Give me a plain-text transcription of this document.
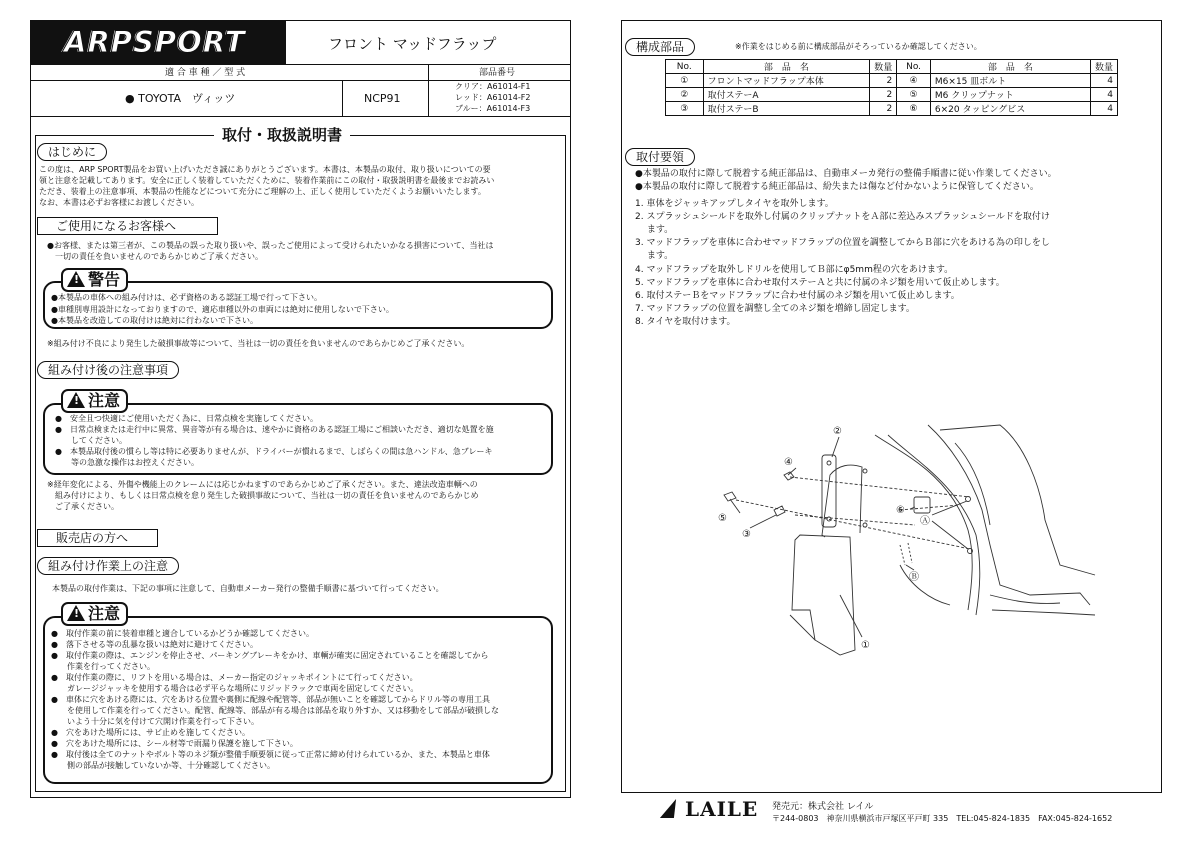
ARPSPORT	フロント マッドフラップ
適 合 車 種 ／ 型 式	部品番号
● TOYOTA　ヴィッツ	NCP91
クリア：A61014-F1
レッド：A61014-F2
ブルー：A61014-F3
取付・取扱説明書
はじめに
この度は、ARP SPORT製品をお買い上げいただき誠にありがとうございます。本書は、本製品の取付、取り扱いについての要
領と注意を記載してあります。安全に正しく装着していただくために、装着作業前にこの取付・取扱説明書を最後までお読みい
ただき、装着上の注意事項、本製品の性能などについて充分にご理解の上、正しく使用していただくようお願いいたします。
なお、本書は必ずお客様にお渡しください。
ご使用になるお客様へ
●お客様、または第三者が、この製品の誤った取り扱いや、誤ったご使用によって受けられたいかなる損害について、当社は
　一切の責任を負いませんのであらかじめご了承ください。
!警告
●本製品の車体への組み付けは、必ず資格のある認証工場で行って下さい。
●車種別専用設計になっておりますので、適応車種以外の車両には絶対に使用しないで下さい。
●本製品を改造しての取付けは絶対に行わないで下さい。
※組み付け不良により発生した破損事故等について、当社は一切の責任を負いませんのであらかじめご了承ください。
組み付け後の注意事項
!注意
●　安全且つ快適にご使用いただく為に、日常点検を実施してください。
●　日常点検または走行中に異常、異音等が有る場合は、速やかに資格のある認証工場にご相談いただき、適切な処置を施
　　してください。
●　本製品取付後の慣らし等は特に必要ありませんが、ドライバーが慣れるまで、しばらくの間は急ハンドル、急ブレーキ
　　等の急激な操作はお控えください。
※経年変化による、外傷や機能上のクレームには応じかねますのであらかじめご了承ください。また、違法改造車輌への
　組み付けにより、もしくは日常点検を怠り発生した破損事故について、当社は一切の責任を負いませんのであらかじめ
　ご了承ください。
販売店の方へ
組み付け作業上の注意
本製品の取付作業は、下記の事項に注意して、自動車メーカー発行の整備手順書に基づいて行ってください。
!注意
●　取付作業の前に装着車種と適合しているかどうか確認してください。
●　落下させる等の乱暴な扱いは絶対に避けてください。
●　取付作業の際は、エンジンを停止させ、パーキングブレーキをかけ、車輌が確実に固定されていることを確認してから
　　作業を行ってください。
●　取付作業の際に、リフトを用いる場合は、メーカー指定のジャッキポイントにて行ってください。
　　ガレージジャッキを使用する場合は必ず平らな場所にリジッドラックで車両を固定してください。
●　車体に穴をあける際には、穴をあける位置や裏側に配線や配管等、部品が無いことを確認してからドリル等の専用工具
　　を使用して作業を行ってください。配管、配線等、部品が有る場合は部品を取り外すか、又は移動をして部品が破損しな
　　いよう十分に気を付けて穴開け作業を行って下さい。
●　穴をあけた場所には、サビ止めを施してください。
●　穴をあけた場所には、シール材等で雨漏り保護を施して下さい。
●　取付後は全てのナットやボルト等のネジ類が整備手順要領に従って正常に締め付けられているか、また、本製品と車体
　　側の部品が接触していないか等、十分確認してください。
構成部品	※作業をはじめる前に構成部品がそろっているか確認してください。
No.	部　品　名	数量	No.	部　品　名	数量
①	フロントマッドフラップ本体	2	④	M6×15 皿ボルト	4
②	取付ステーA	2	⑤	M6 クリップナット	4
③	取付ステーB	2	⑥	6×20 タッピングビス	4
取付要領
●本製品の取付に際して脱着する純正部品は、自動車メーカ発行の整備手順書に従い作業してください。
●本製品の取付に際して脱着する純正部品は、紛失または傷など付かないように保管してください。
1. 車体をジャッキアップしタイヤを取外します。
2. スプラッシュシールドを取外し付属のクリップナットをＡ部に差込みスプラッシュシールドを取付け
　 ます。
3. マッドフラップを車体に合わせマッドフラップの位置を調整してからＢ部に穴をあける為の印しをし
　 ます。
4. マッドフラップを取外しドリルを使用してＢ部にφ5mm程の穴をあけます。
5. マッドフラップを車体に合わせ取付ステーＡと共に付属のネジ類を用いて仮止めします。
6. 取付ステーＢをマッドフラップに合わせ付属のネジ類を用いて仮止めします。
7. マッドフラップの位置を調整し全てのネジ類を増締し固定します。
8. タイヤを取付けます。
②
④
⑤
③
⑥
Ⓐ
Ⓑ
①
LAILE 発売元：株式会社 レイル
〒244-0803　神奈川県横浜市戸塚区平戸町 335　TEL:045-824-1835　FAX:045-824-1652
